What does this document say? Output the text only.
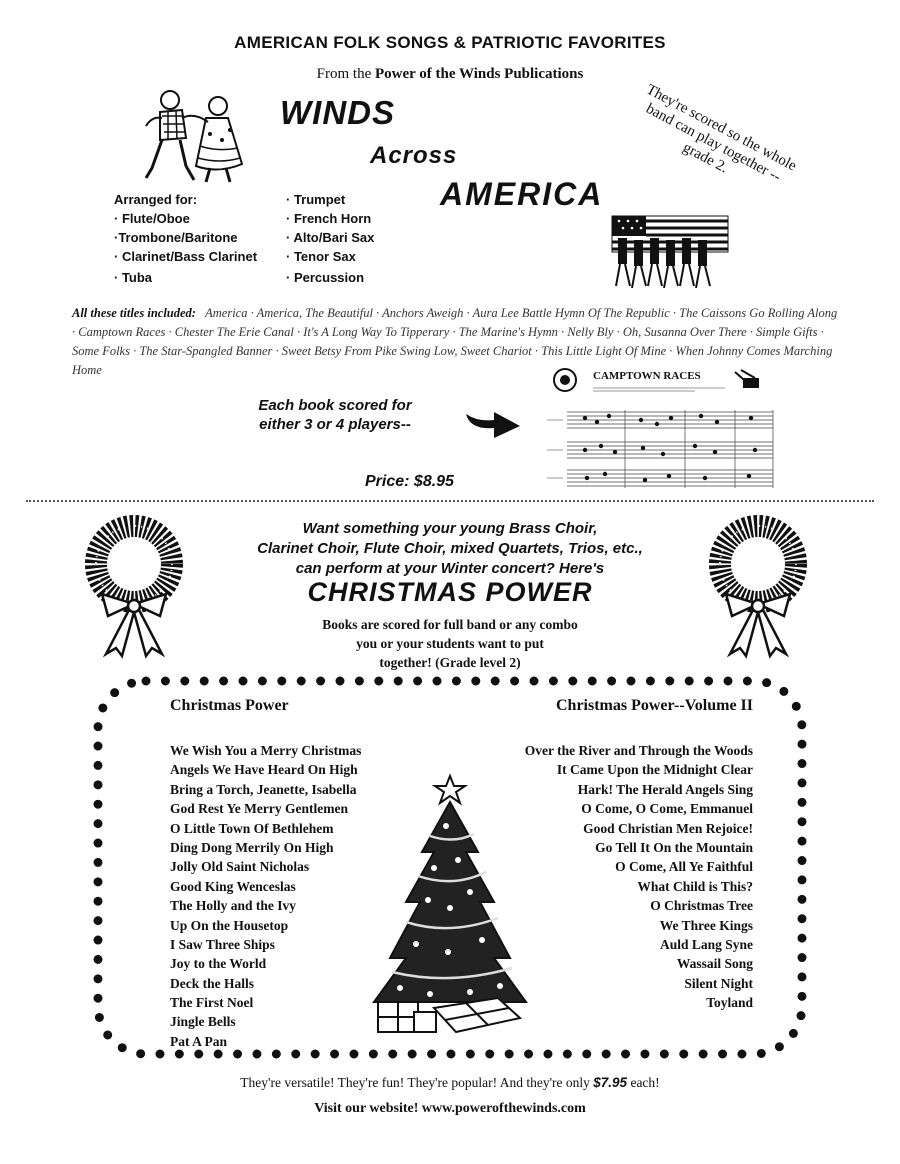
AMERICAN FOLK SONGS & PATRIOTIC FAVORITES
From the Power of the Winds Publications
WINDS
Across
AMERICA
They're scored so the whole band can play together -- grade 2.
Arranged for:
· Flute/Oboe
·Trombone/Baritone
· Clarinet/Bass Clarinet
· Tuba
· Trumpet
· French Horn
· Alto/Bari Sax
· Tenor Sax
· Percussion
All these titles included: America · America, The Beautiful · Anchors Aweigh · Aura Lee Battle Hymn Of The Republic · The Caissons Go Rolling Along · Camptown Races · Chester The Erie Canal · It's A Long Way To Tipperary · The Marine's Hymn · Nelly Bly · Oh, Susanna Over There · Simple Gifts · Some Folks · The Star-Spangled Banner · Sweet Betsy From Pike Swing Low, Sweet Chariot · This Little Light Of Mine · When Johnny Comes Marching Home
Each book scored for
either 3 or 4 players--
Price: $8.95
CAMPTOWN RACES
Want something your young Brass Choir,
Clarinet Choir, Flute Choir, mixed Quartets, Trios, etc.,
can perform at your Winter concert? Here's
CHRISTMAS POWER
Books are scored for full band or any combo
you or your students want to put
together! (Grade level 2)
Christmas Power
We Wish You a Merry Christmas
Angels We Have Heard On High
Bring a Torch, Jeanette, Isabella
God Rest Ye Merry Gentlemen
O Little Town Of Bethlehem
Ding Dong Merrily On High
Jolly Old Saint Nicholas
Good King Wenceslas
The Holly and the Ivy
Up On the Housetop
I Saw Three Ships
Joy to the World
Deck the Halls
The First Noel
Jingle Bells
Pat A Pan
Christmas Power--Volume II
Over the River and Through the Woods
It Came Upon the Midnight Clear
Hark! The Herald Angels Sing
O Come, O Come, Emmanuel
Good Christian Men Rejoice!
Go Tell It On the Mountain
O Come, All Ye Faithful
What Child is This?
O Christmas Tree
We Three Kings
Auld Lang Syne
Wassail Song
Silent Night
Toyland
They're versatile! They're fun! They're popular! And they're only $7.95 each!
Visit our website! www.powerofthewinds.com
